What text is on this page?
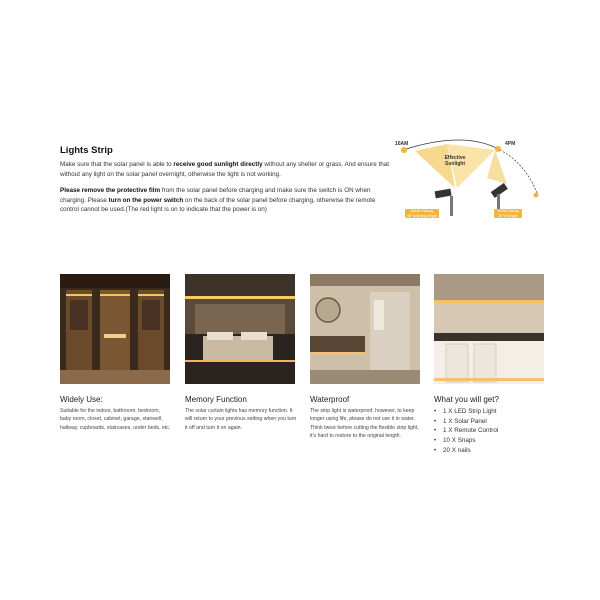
Lights Strip
Make sure that the solar panel is able to receive good sunlight directly without any shelter or grass. And ensure that without any light on the solar panel overnight, otherwise the light is not working.
Please remove the protective film from the solar panel before charging and make sure the switch is ON when charging. Please turn on the power switch on the back of the solar panel before charging, otherwise the remote control cannot be used.(The red light is on to indicate that the power is on)
10AM	4PM
Effective
Sunlight
South-Facing
45°Inclining Angle
West-Facing
30°of Angle
Widely Use:
Suitable for the indoor, bathroom, bedroom, baby room, closet, cabinet, garage, stairwell, hallway, cupboards, staircases, under beds, etc.
Memory Function
The solar curtain lights has memory function. It will return to your previous setting when you turn it off and turn it on again.
Waterproof
The strip light is waterproof, however, to keep longer using life, please do not use it in water. Think twice before cutting the flexible strip light, it's hard to restore to the original length.
What you will get?
• 1 X LED Strip Light
• 1 X Solar Panel
• 1 X Remote Control
• 10 X Snaps
• 20 X nails
